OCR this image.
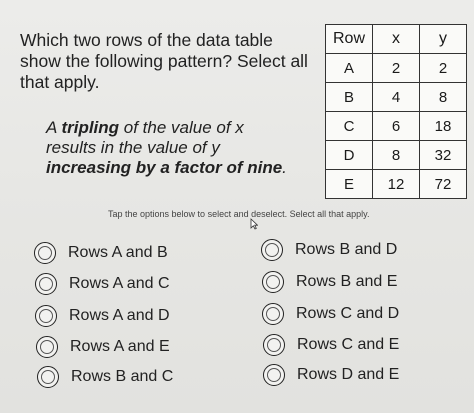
Which two rows of the data table show the following pattern? Select all that apply.
A tripling of the value of x results in the value of y increasing by a factor of nine.
Row	x	y
A	2	2
B	4	8
C	6	18
D	8	32
E	12	72
Tap the options below to select and deselect. Select all that apply.
Rows A and B
Rows A and C
Rows A and D
Rows A and E
Rows B and C
Rows B and D
Rows B and E
Rows C and D
Rows C and E
Rows D and E
